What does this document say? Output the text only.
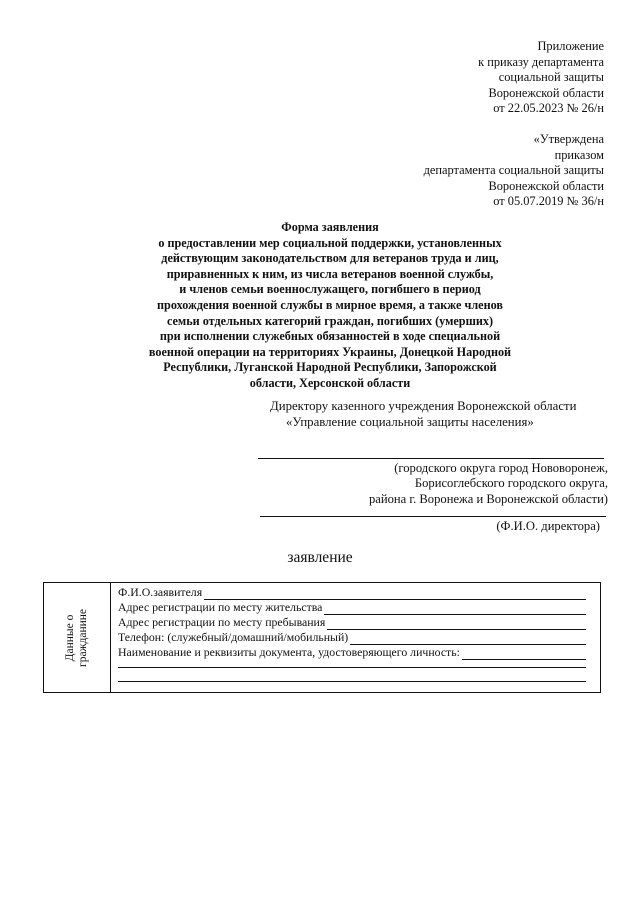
Приложение
к приказу департамента
социальной защиты
Воронежской области
от 22.05.2023 № 26/н
«Утверждена
приказом
департамента социальной защиты
Воронежской области
от 05.07.2019 № 36/н
Форма заявления
о предоставлении мер социальной поддержки, установленных
действующим законодательством для ветеранов труда и лиц,
приравненных к ним, из числа ветеранов военной службы,
и членов семьи военнослужащего, погибшего в период
прохождения военной службы в мирное время, а также членов
семьи отдельных категорий граждан, погибших (умерших)
при исполнении служебных обязанностей в ходе специальной
военной операции на территориях Украины, Донецкой Народной
Республики, Луганской Народной Республики, Запорожской
области, Херсонской области
Директору казенного учреждения Воронежской области
«Управление социальной защиты населения»
(городского округа город Нововоронеж,
Борисоглебского городского округа,
района г. Воронежа и Воронежской области)
(Ф.И.О. директора)
заявление
Данные о гражданине
Ф.И.О.заявителя
Адрес регистрации по месту жительства
Адрес регистрации по месту пребывания
Телефон: (служебный/домашний/мобильный)
Наименование и реквизиты документа, удостоверяющего личность:
